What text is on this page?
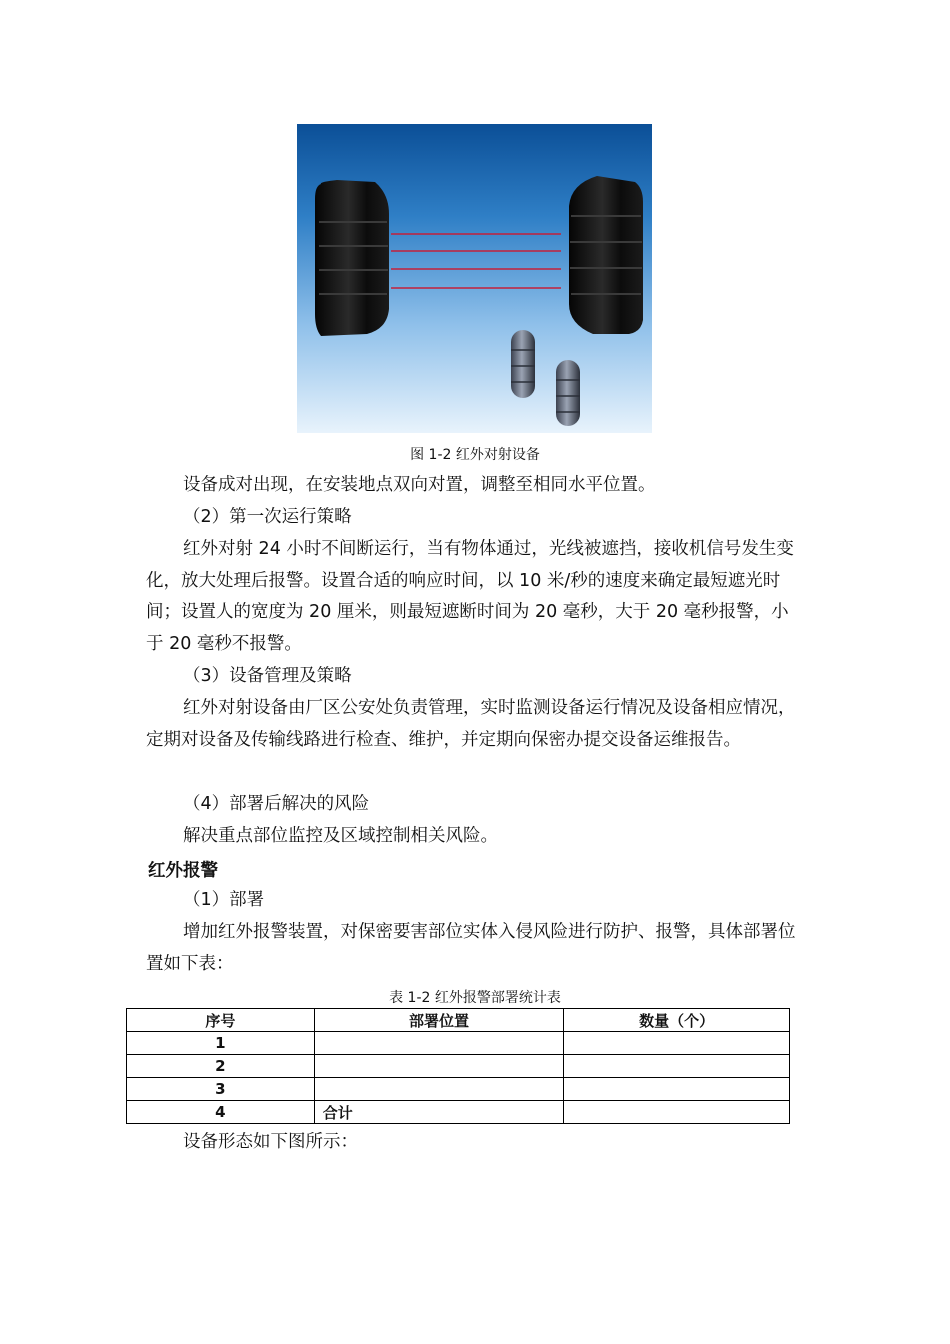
图 1-2 红外对射设备

设备成对出现，在安装地点双向对置，调整至相同水平位置。

（2）第一次运行策略

红外对射 24 小时不间断运行，当有物体通过，光线被遮挡，接收机信号发生变化，放大处理后报警。设置合适的响应时间，以 10 米/秒的速度来确定最短遮光时间；设置人的宽度为 20 厘米，则最短遮断时间为 20 毫秒，大于 20 毫秒报警，小于 20 毫秒不报警。

（3）设备管理及策略

红外对射设备由厂区公安处负责管理，实时监测设备运行情况及设备相应情况，定期对设备及传输线路进行检查、维护，并定期向保密办提交设备运维报告。

（4）部署后解决的风险

解决重点部位监控及区域控制相关风险。

红外报警

（1）部署

增加红外报警装置，对保密要害部位实体入侵风险进行防护、报警，具体部署位置如下表：

表 1-2 红外报警部署统计表
序号	部署位置	数量（个）
1		
2		
3		
4	合计	

设备形态如下图所示：
